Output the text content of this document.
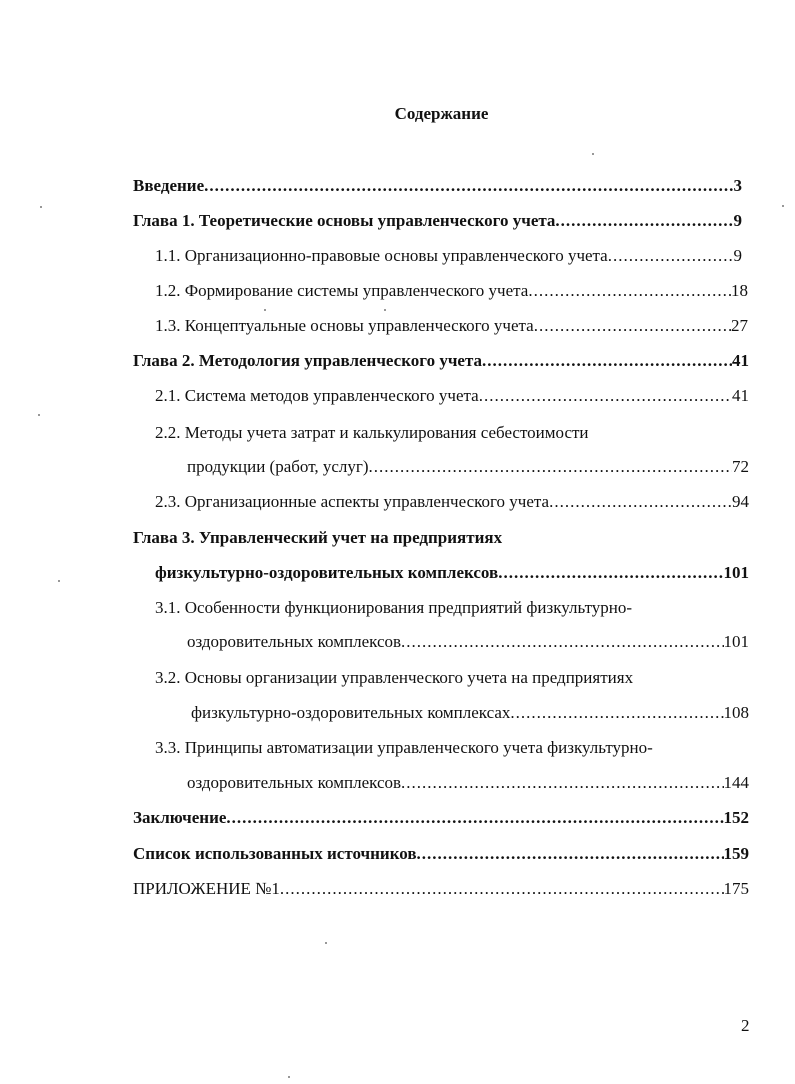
Содержание
Введение .....	3
Глава 1. Теоретические основы управленческого учета .....	9
1.1. Организационно-правовые основы управленческого учета .....	9
1.2. Формирование системы управленческого учета .....	18
1.3. Концептуальные основы управленческого учета .....	27
Глава 2. Методология управленческого учета .....	41
2.1. Система методов управленческого учета .....	41
2.2. Методы учета затрат и калькулирования себестоимости
продукции (работ, услуг) .....	72
2.3. Организационные аспекты управленческого учета .....	94
Глава 3. Управленческий учет на предприятиях
физкультурно-оздоровительных комплексов .....	101
3.1. Особенности функционирования предприятий физкультурно-
оздоровительных комплексов .....	101
3.2. Основы организации управленческого учета на предприятиях
физкультурно-оздоровительных комплексах .....	108
3.3. Принципы автоматизации управленческого учета физкультурно-
оздоровительных комплексов .....	144
Заключение .....	152
Список использованных источников .....	159
ПРИЛОЖЕНИЕ №1 .....	175
2
